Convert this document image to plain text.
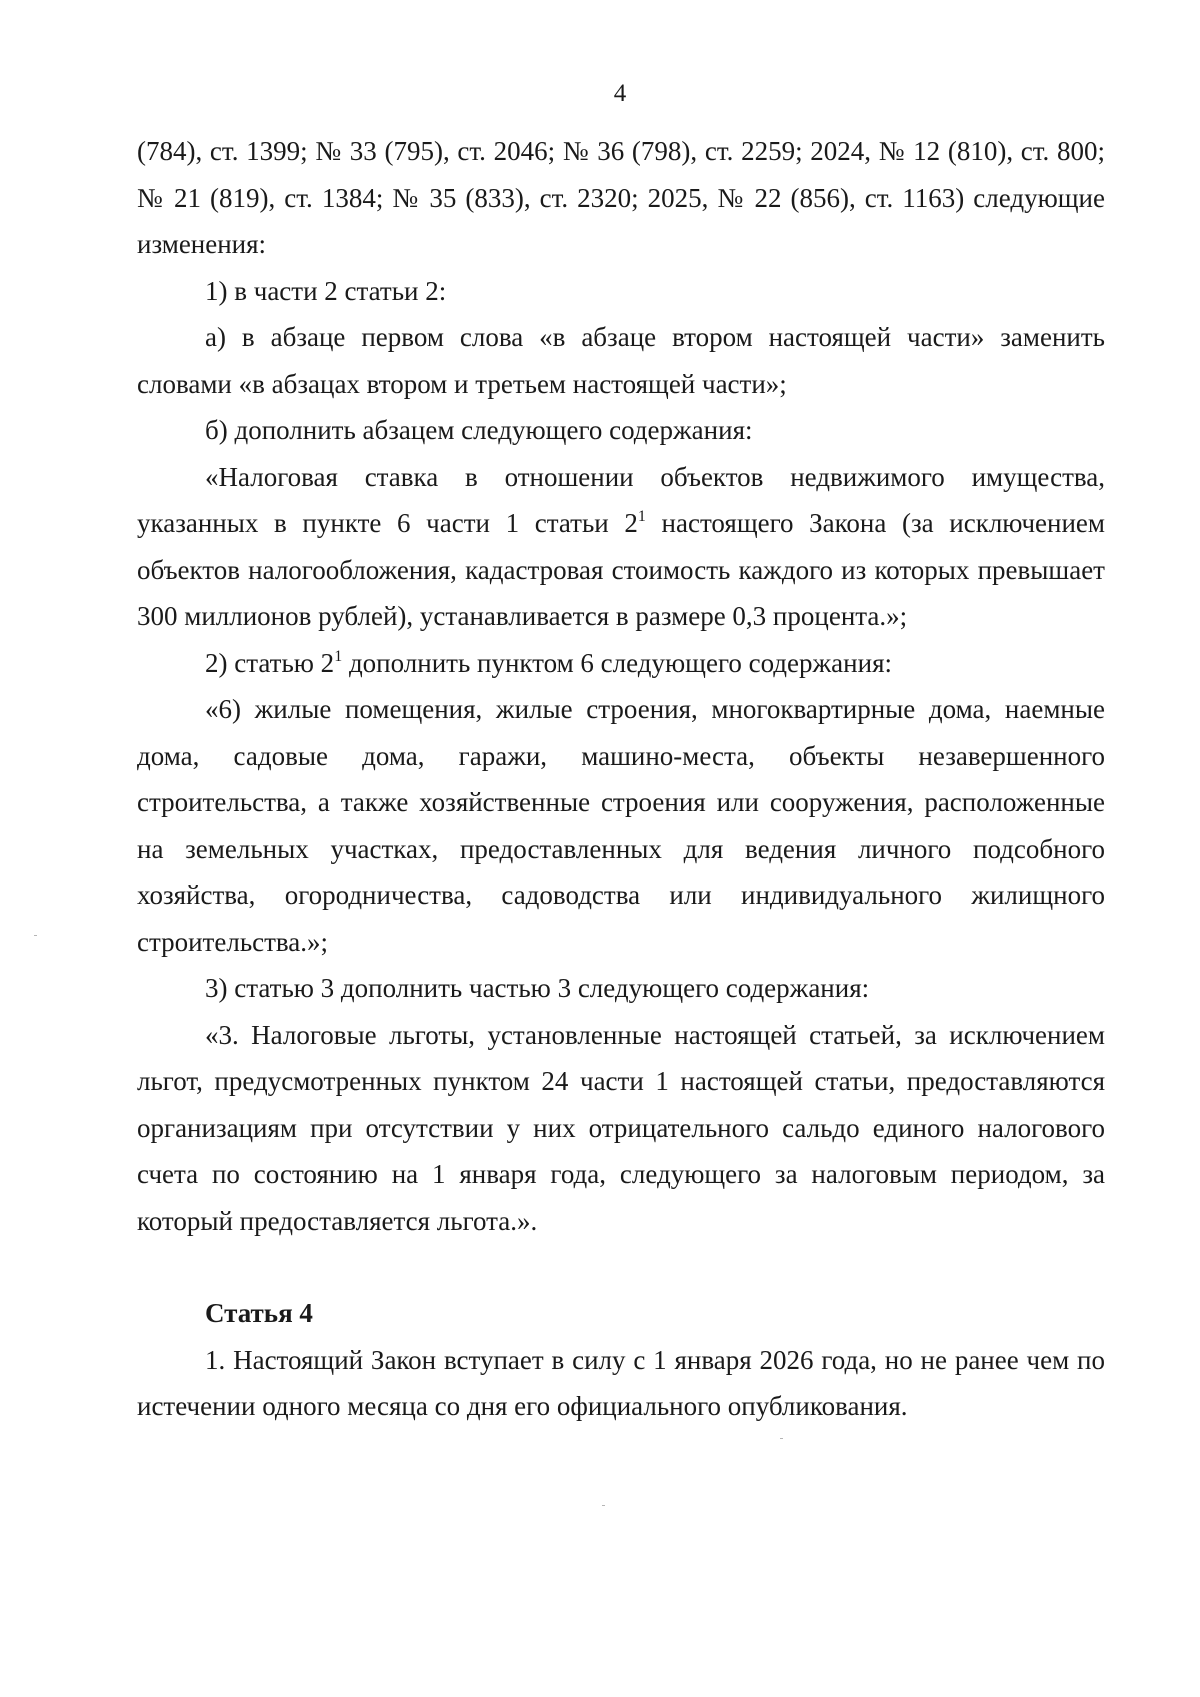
4

(784), ст. 1399; № 33 (795), ст. 2046; № 36 (798), ст. 2259; 2024, № 12 (810), ст. 800; № 21 (819), ст. 1384; № 35 (833), ст. 2320; 2025, № 22 (856), ст. 1163) следующие изменения:

1) в части 2 статьи 2:

а) в абзаце первом слова «в абзаце втором настоящей части» заменить словами «в абзацах втором и третьем настоящей части»;

б) дополнить абзацем следующего содержания:

«Налоговая ставка в отношении объектов недвижимого имущества, указанных в пункте 6 части 1 статьи $2^1$ настоящего Закона (за исключением объектов налогообложения, кадастровая стоимость каждого из которых превышает 300 миллионов рублей), устанавливается в размере 0,3 процента.»;

2) статью $2^1$ дополнить пунктом 6 следующего содержания:

«6) жилые помещения, жилые строения, многоквартирные дома, наемные дома, садовые дома, гаражи, машино-места, объекты незавершенного строительства, а также хозяйственные строения или сооружения, расположенные на земельных участках, предоставленных для ведения личного подсобного хозяйства, огородничества, садоводства или индивидуального жилищного строительства.»;

3) статью 3 дополнить частью 3 следующего содержания:

«3. Налоговые льготы, установленные настоящей статьей, за исключением льгот, предусмотренных пунктом 24 части 1 настоящей статьи, предоставляются организациям при отсутствии у них отрицательного сальдо единого налогового счета по состоянию на 1 января года, следующего за налоговым периодом, за который предоставляется льгота.».

Статья 4

1. Настоящий Закон вступает в силу с 1 января 2026 года, но не ранее чем по истечении одного месяца со дня его официального опубликования.
